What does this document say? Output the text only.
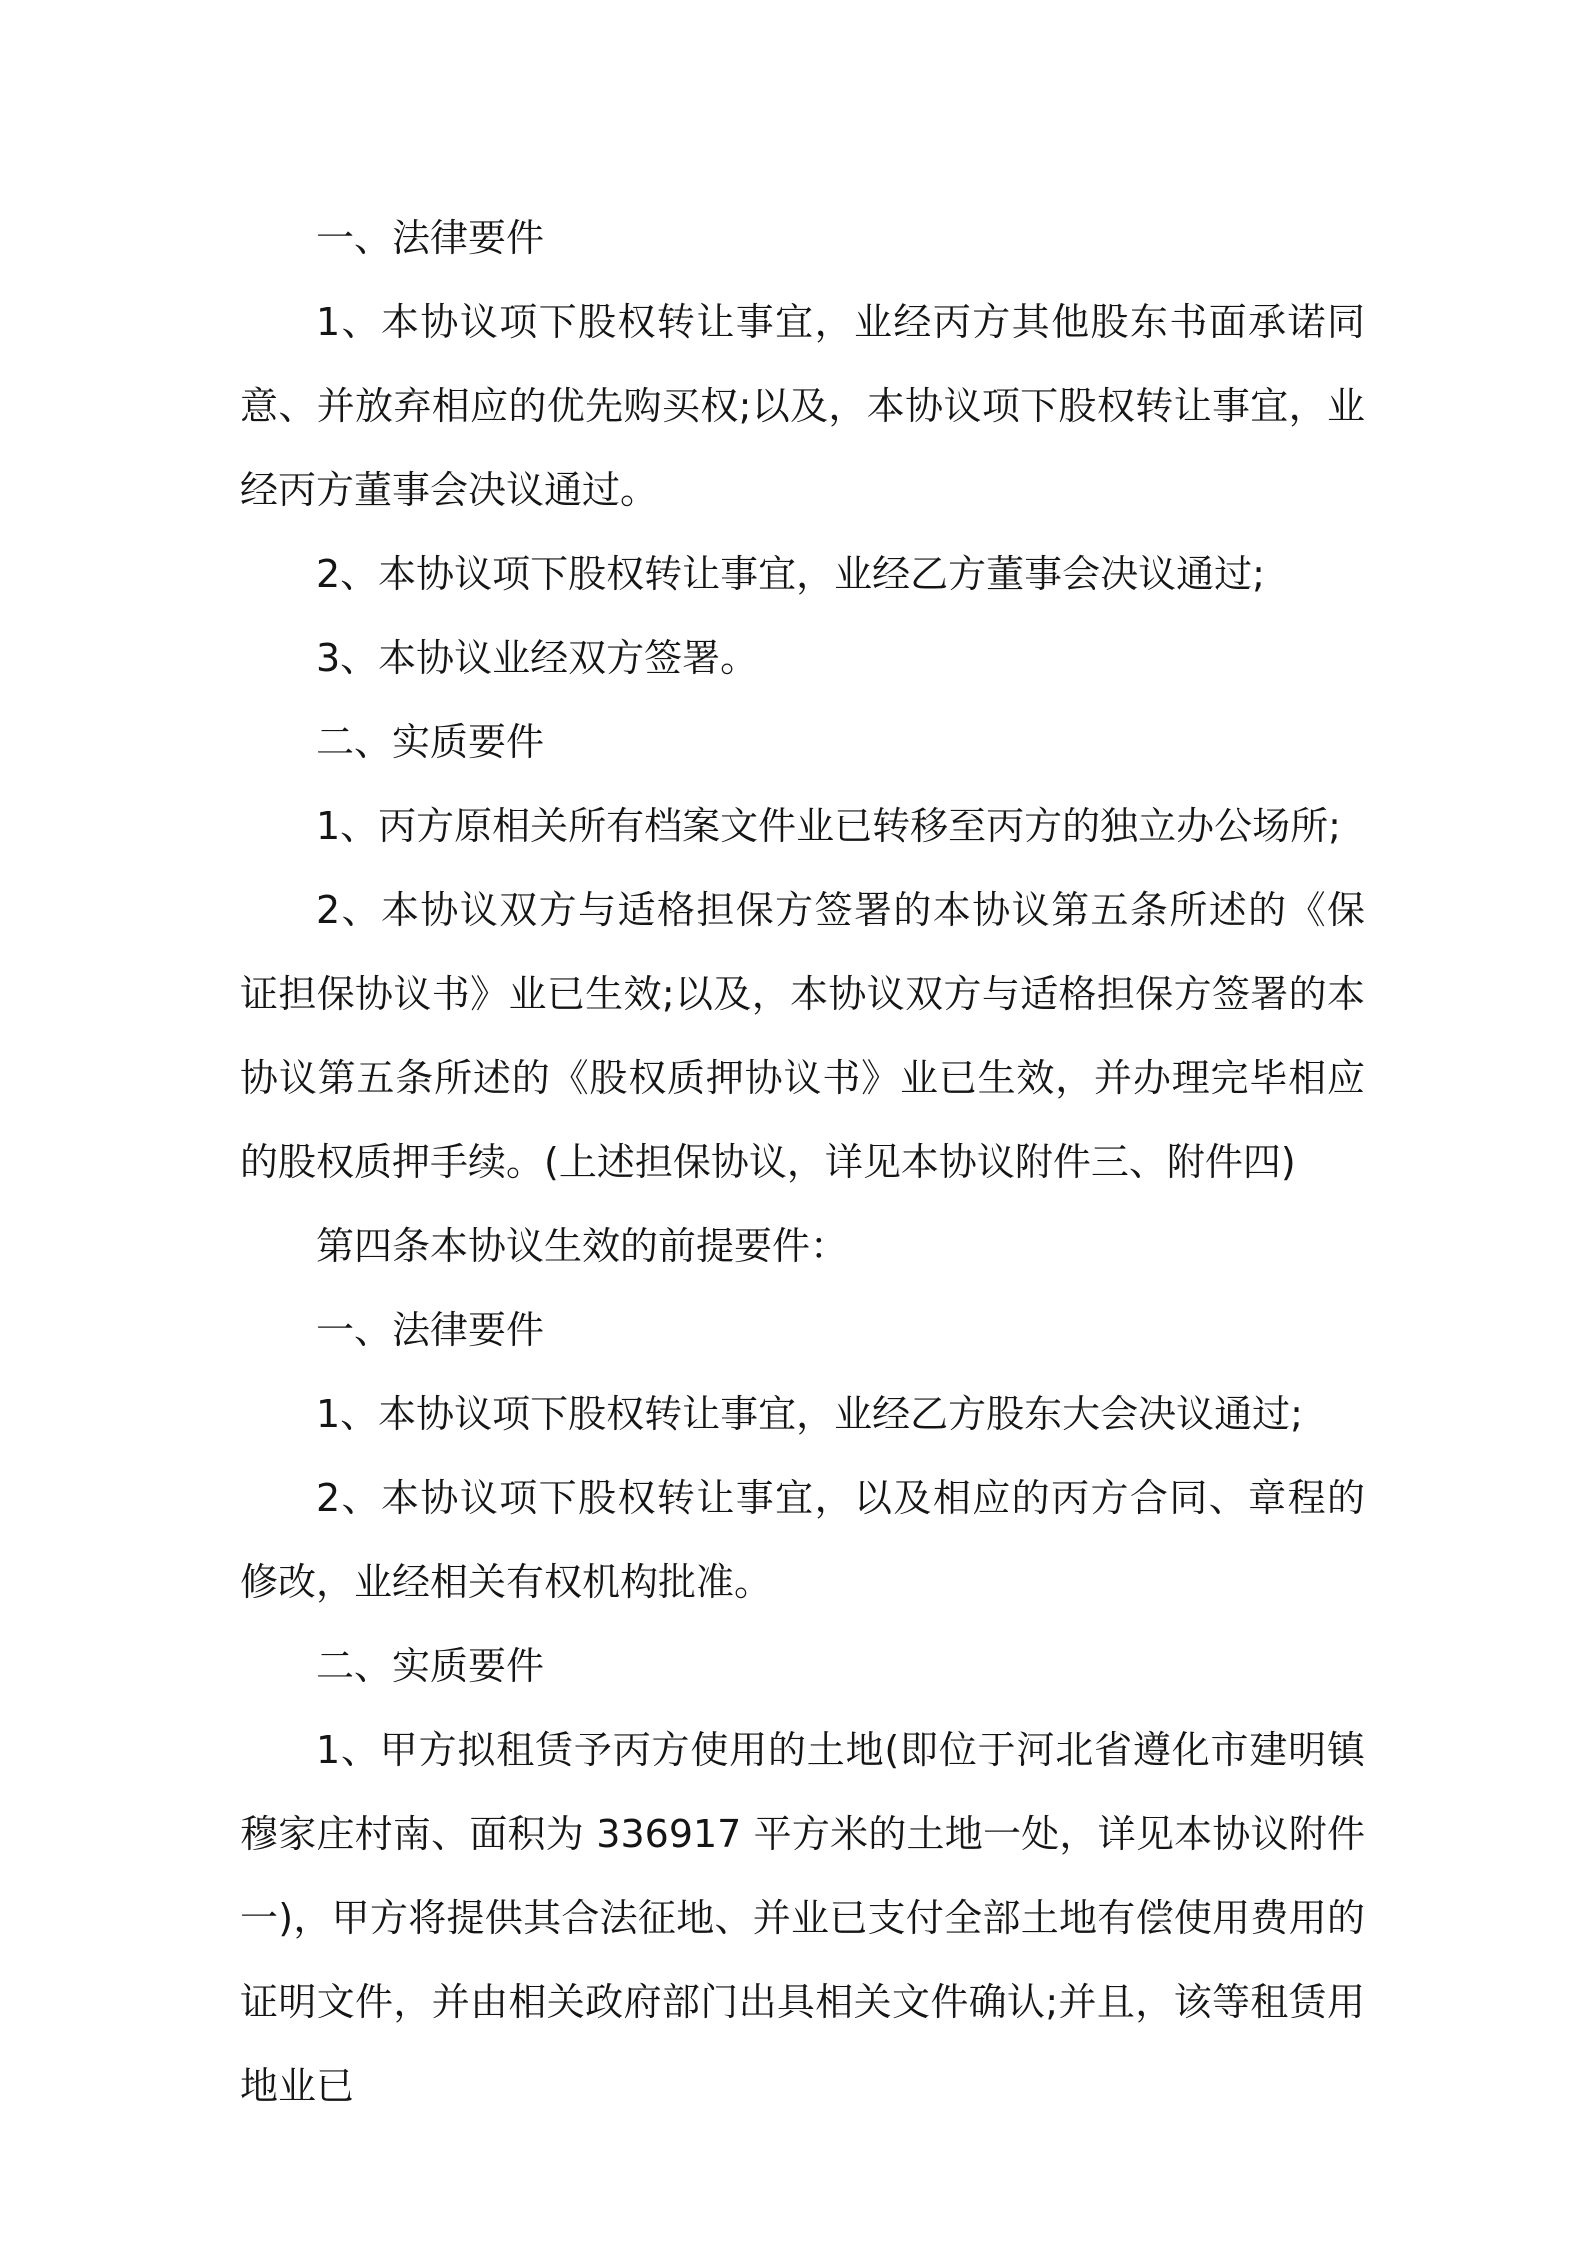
一、法律要件

1、本协议项下股权转让事宜，业经丙方其他股东书面承诺同意、并放弃相应的优先购买权;以及，本协议项下股权转让事宜，业经丙方董事会决议通过。

2、本协议项下股权转让事宜，业经乙方董事会决议通过;

3、本协议业经双方签署。

二、实质要件

1、丙方原相关所有档案文件业已转移至丙方的独立办公场所;

2、本协议双方与适格担保方签署的本协议第五条所述的《保证担保协议书》业已生效;以及，本协议双方与适格担保方签署的本协议第五条所述的《股权质押协议书》业已生效，并办理完毕相应的股权质押手续。(上述担保协议，详见本协议附件三、附件四)

第四条本协议生效的前提要件：

一、法律要件

1、本协议项下股权转让事宜，业经乙方股东大会决议通过;

2、本协议项下股权转让事宜，以及相应的丙方合同、章程的修改，业经相关有权机构批准。

二、实质要件

1、甲方拟租赁予丙方使用的土地(即位于河北省遵化市建明镇穆家庄村南、面积为 336917 平方米的土地一处，详见本协议附件一)，甲方将提供其合法征地、并业已支付全部土地有偿使用费用的证明文件，并由相关政府部门出具相关文件确认;并且，该等租赁用地业已
